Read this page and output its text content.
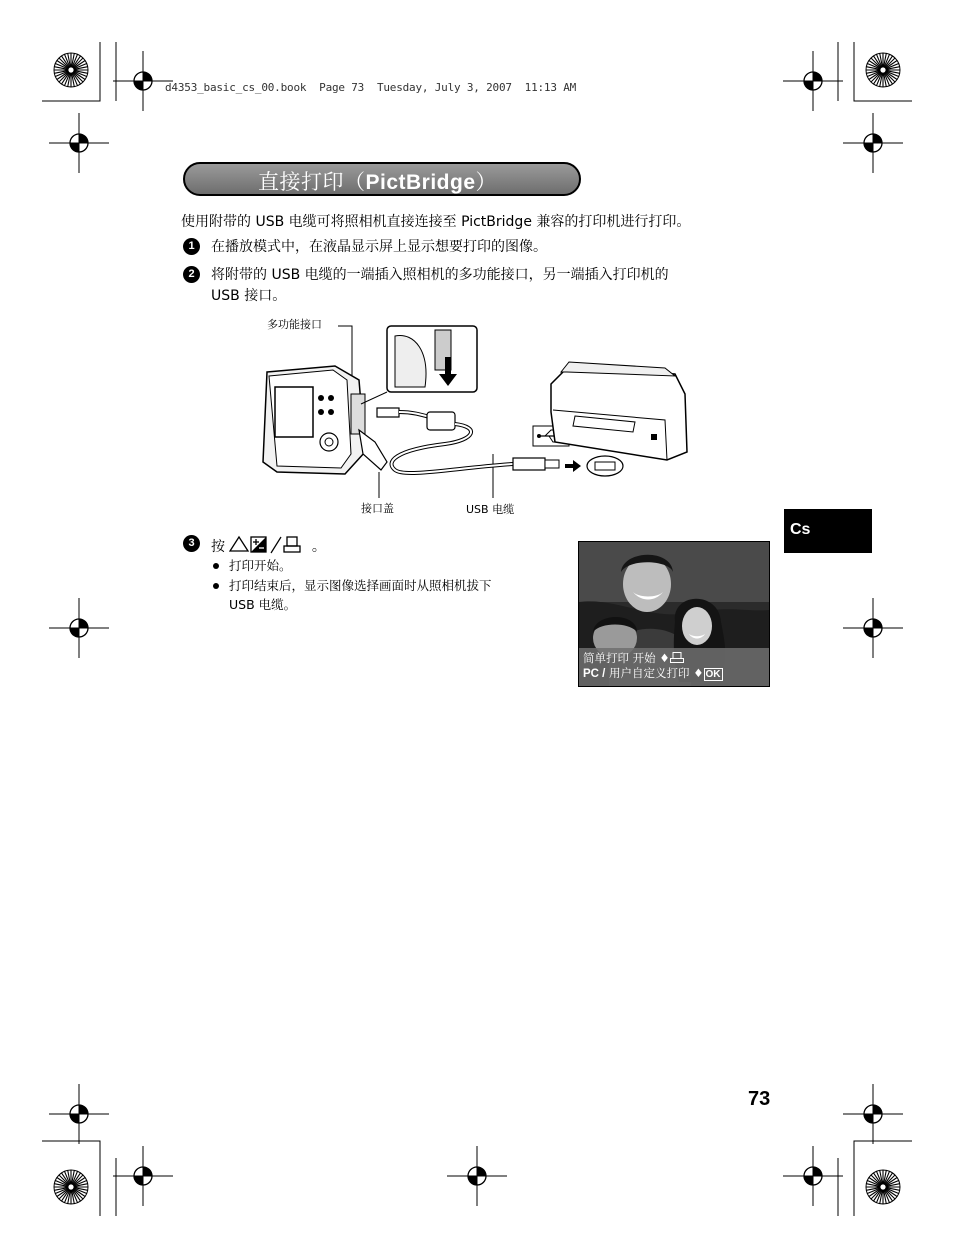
d4353_basic_cs_00.book  Page 73  Tuesday, July 3, 2007  11:13 AM
直接打印（PictBridge）
使用附带的 USB 电缆可将照相机直接连接至 PictBridge 兼容的打印机进行打印。
1	在播放模式中，在液晶显示屏上显示想要打印的图像。
2	将附带的 USB 电缆的一端插入照相机的多功能接口，另一端插入打印机的
USB 接口。
多功能接口
接口盖	USB 电缆
3	按	。
打印开始。
打印结束后，显示图像选择画面时从照相机拔下
USB 电缆。
简单打印 开始 ♦
PC / 用户自定义打印 ♦ OK
Cs
73
